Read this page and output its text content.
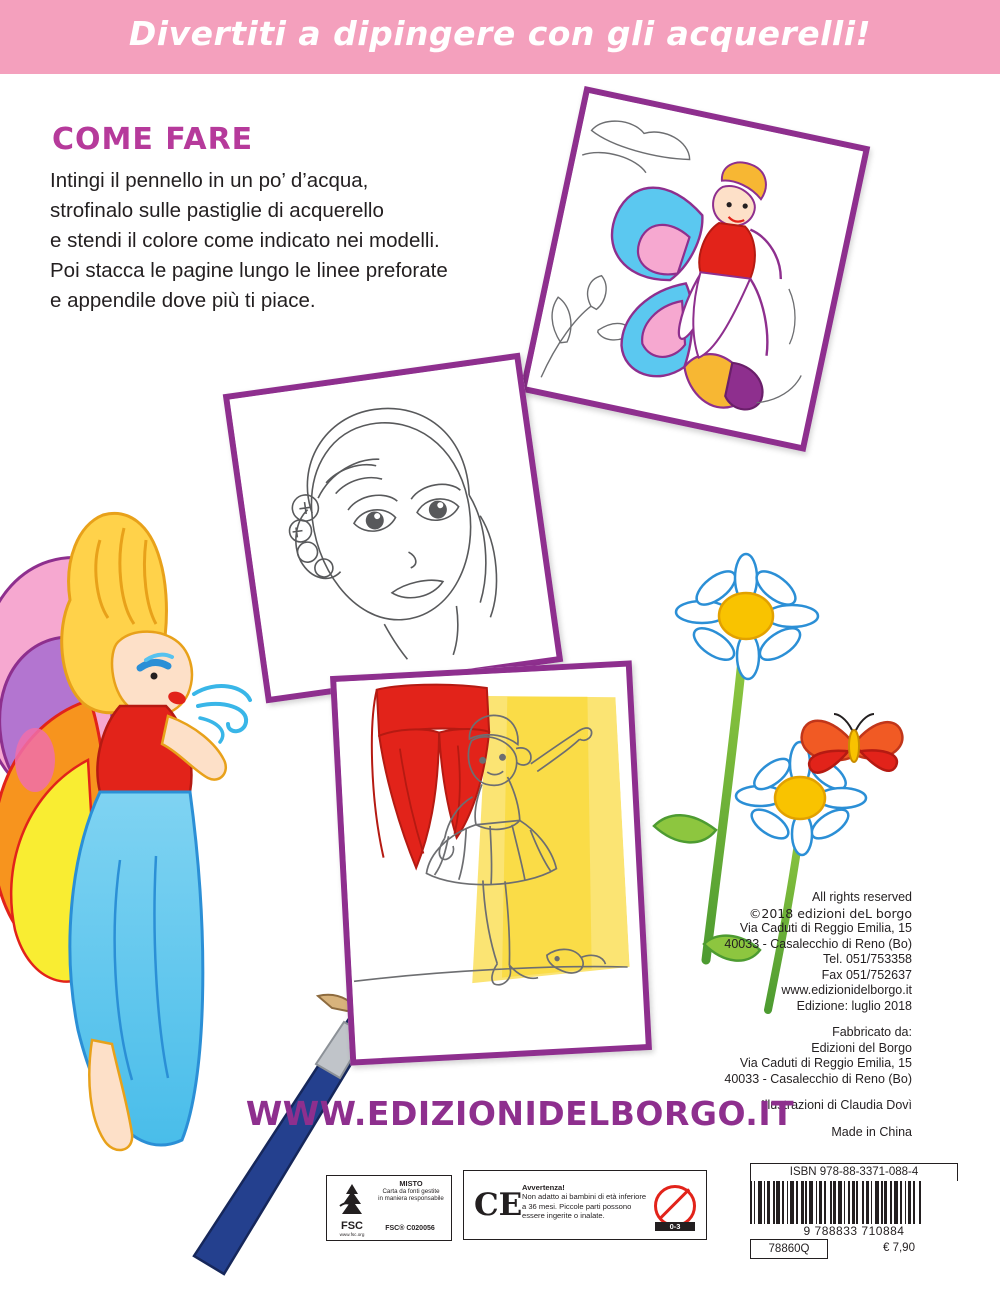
Divertiti a dipingere con gli acquerelli!
COME FARE
Intingi il pennello in un po’ d’acqua,
strofinalo sulle pastiglie di acquerello
e stendi il colore come indicato nei modelli.
Poi stacca le pagine lungo le linee preforate
e appendile dove più ti piace.
All rights reserved
©2018 edizioni deL borgo
Via Caduti di Reggio Emilia, 15
40033 - Casalecchio di Reno (Bo)
Tel. 051/753358
Fax 051/752637
www.edizionidelborgo.it
Edizione: luglio 2018
Fabbricato da:
Edizioni del Borgo
Via Caduti di Reggio Emilia, 15
40033 - Casalecchio di Reno (Bo)
Illustrazioni di Claudia Dovì
Made in China
WWW.EDIZIONIDELBORGO.IT
FSC
www.fsc.org
MISTO
Carta da fonti gestite
in maniera responsabile
FSC® C020056
CE Avvertenza!
Non adatto ai bambini di età inferiore
a 36 mesi. Piccole parti possono
essere ingerite o inalate.
0-3
ISBN 978-88-3371-088-4
9 788833 710884
78860Q	€ 7,90
